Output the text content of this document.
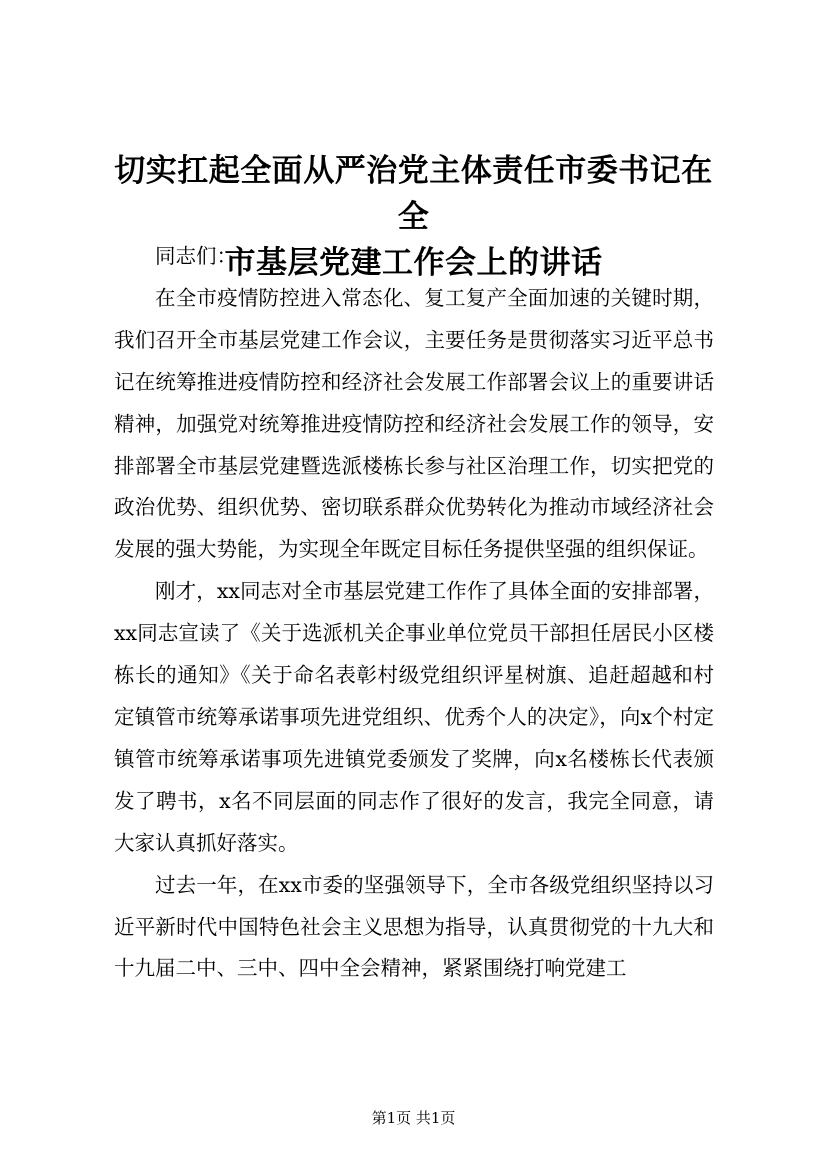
切实扛起全面从严治党主体责任市委书记在全
市基层党建工作会上的讲话

同志们：

在全市疫情防控进入常态化、复工复产全面加速的关键时期，我们召开全市基层党建工作会议，主要任务是贯彻落实习近平总书记在统筹推进疫情防控和经济社会发展工作部署会议上的重要讲话精神，加强党对统筹推进疫情防控和经济社会发展工作的领导，安排部署全市基层党建暨选派楼栋长参与社区治理工作，切实把党的政治优势、组织优势、密切联系群众优势转化为推动市域经济社会发展的强大势能，为实现全年既定目标任务提供坚强的组织保证。

刚才，xx同志对全市基层党建工作作了具体全面的安排部署，xx同志宣读了《关于选派机关企事业单位党员干部担任居民小区楼栋长的通知》《关于命名表彰村级党组织评星树旗、追赶超越和村定镇管市统筹承诺事项先进党组织、优秀个人的决定》，向x个村定镇管市统筹承诺事项先进镇党委颁发了奖牌，向x名楼栋长代表颁发了聘书，x名不同层面的同志作了很好的发言，我完全同意，请大家认真抓好落实。

过去一年，在xx市委的坚强领导下，全市各级党组织坚持以习近平新时代中国特色社会主义思想为指导，认真贯彻党的十九大和十九届二中、三中、四中全会精神，紧紧围绕打响党建工

第1页 共1页
